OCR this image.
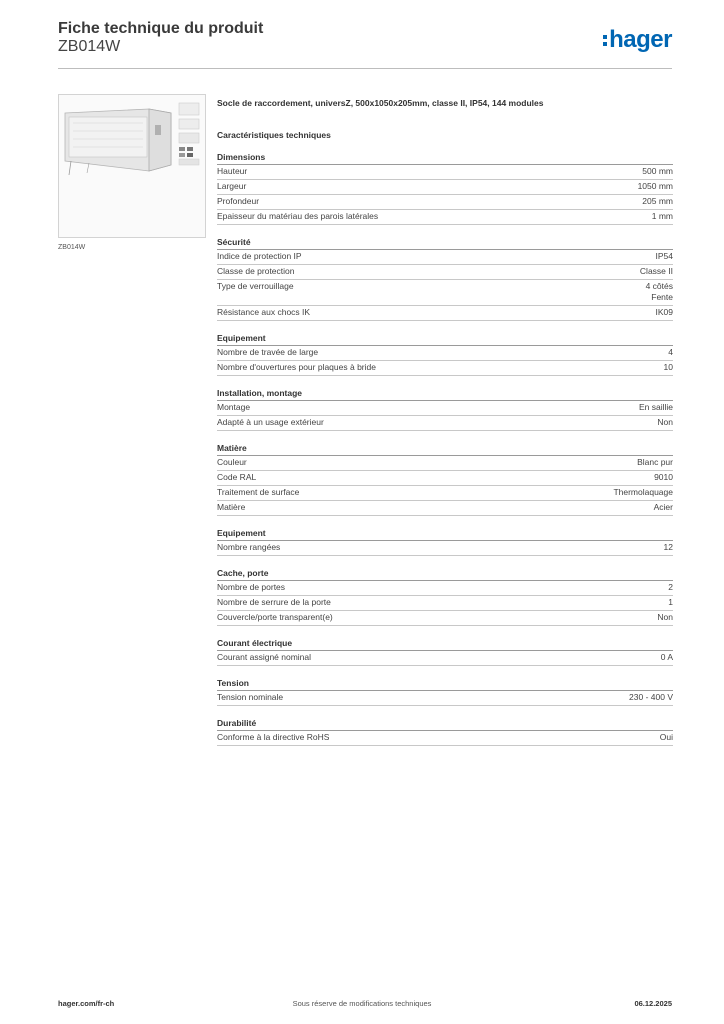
Fiche technique du produit
ZB014W	hager
ZB014W
Socle de raccordement, universZ, 500x1050x205mm, classe II, IP54, 144 modules
Caractéristiques techniques
Dimensions
Hauteur	500 mm
Largeur	1050 mm
Profondeur	205 mm
Epaisseur du matériau des parois latérales	1 mm
Sécurité
Indice de protection IP	IP54
Classe de protection	Classe II
Type de verrouillage	4 côtés
Fente
Résistance aux chocs IK	IK09
Equipement
Nombre de travée de large	4
Nombre d'ouvertures pour plaques à bride	10
Installation, montage
Montage	En saillie
Adapté à un usage extérieur	Non
Matière
Couleur	Blanc pur
Code RAL	9010
Traitement de surface	Thermolaquage
Matière	Acier
Equipement
Nombre rangées	12
Cache, porte
Nombre de portes	2
Nombre de serrure de la porte	1
Couvercle/porte transparent(e)	Non
Courant électrique
Courant assigné nominal	0 A
Tension
Tension nominale	230 - 400 V
Durabilité
Conforme à la directive RoHS	Oui
hager.com/fr-ch	Sous réserve de modifications techniques	06.12.2025
